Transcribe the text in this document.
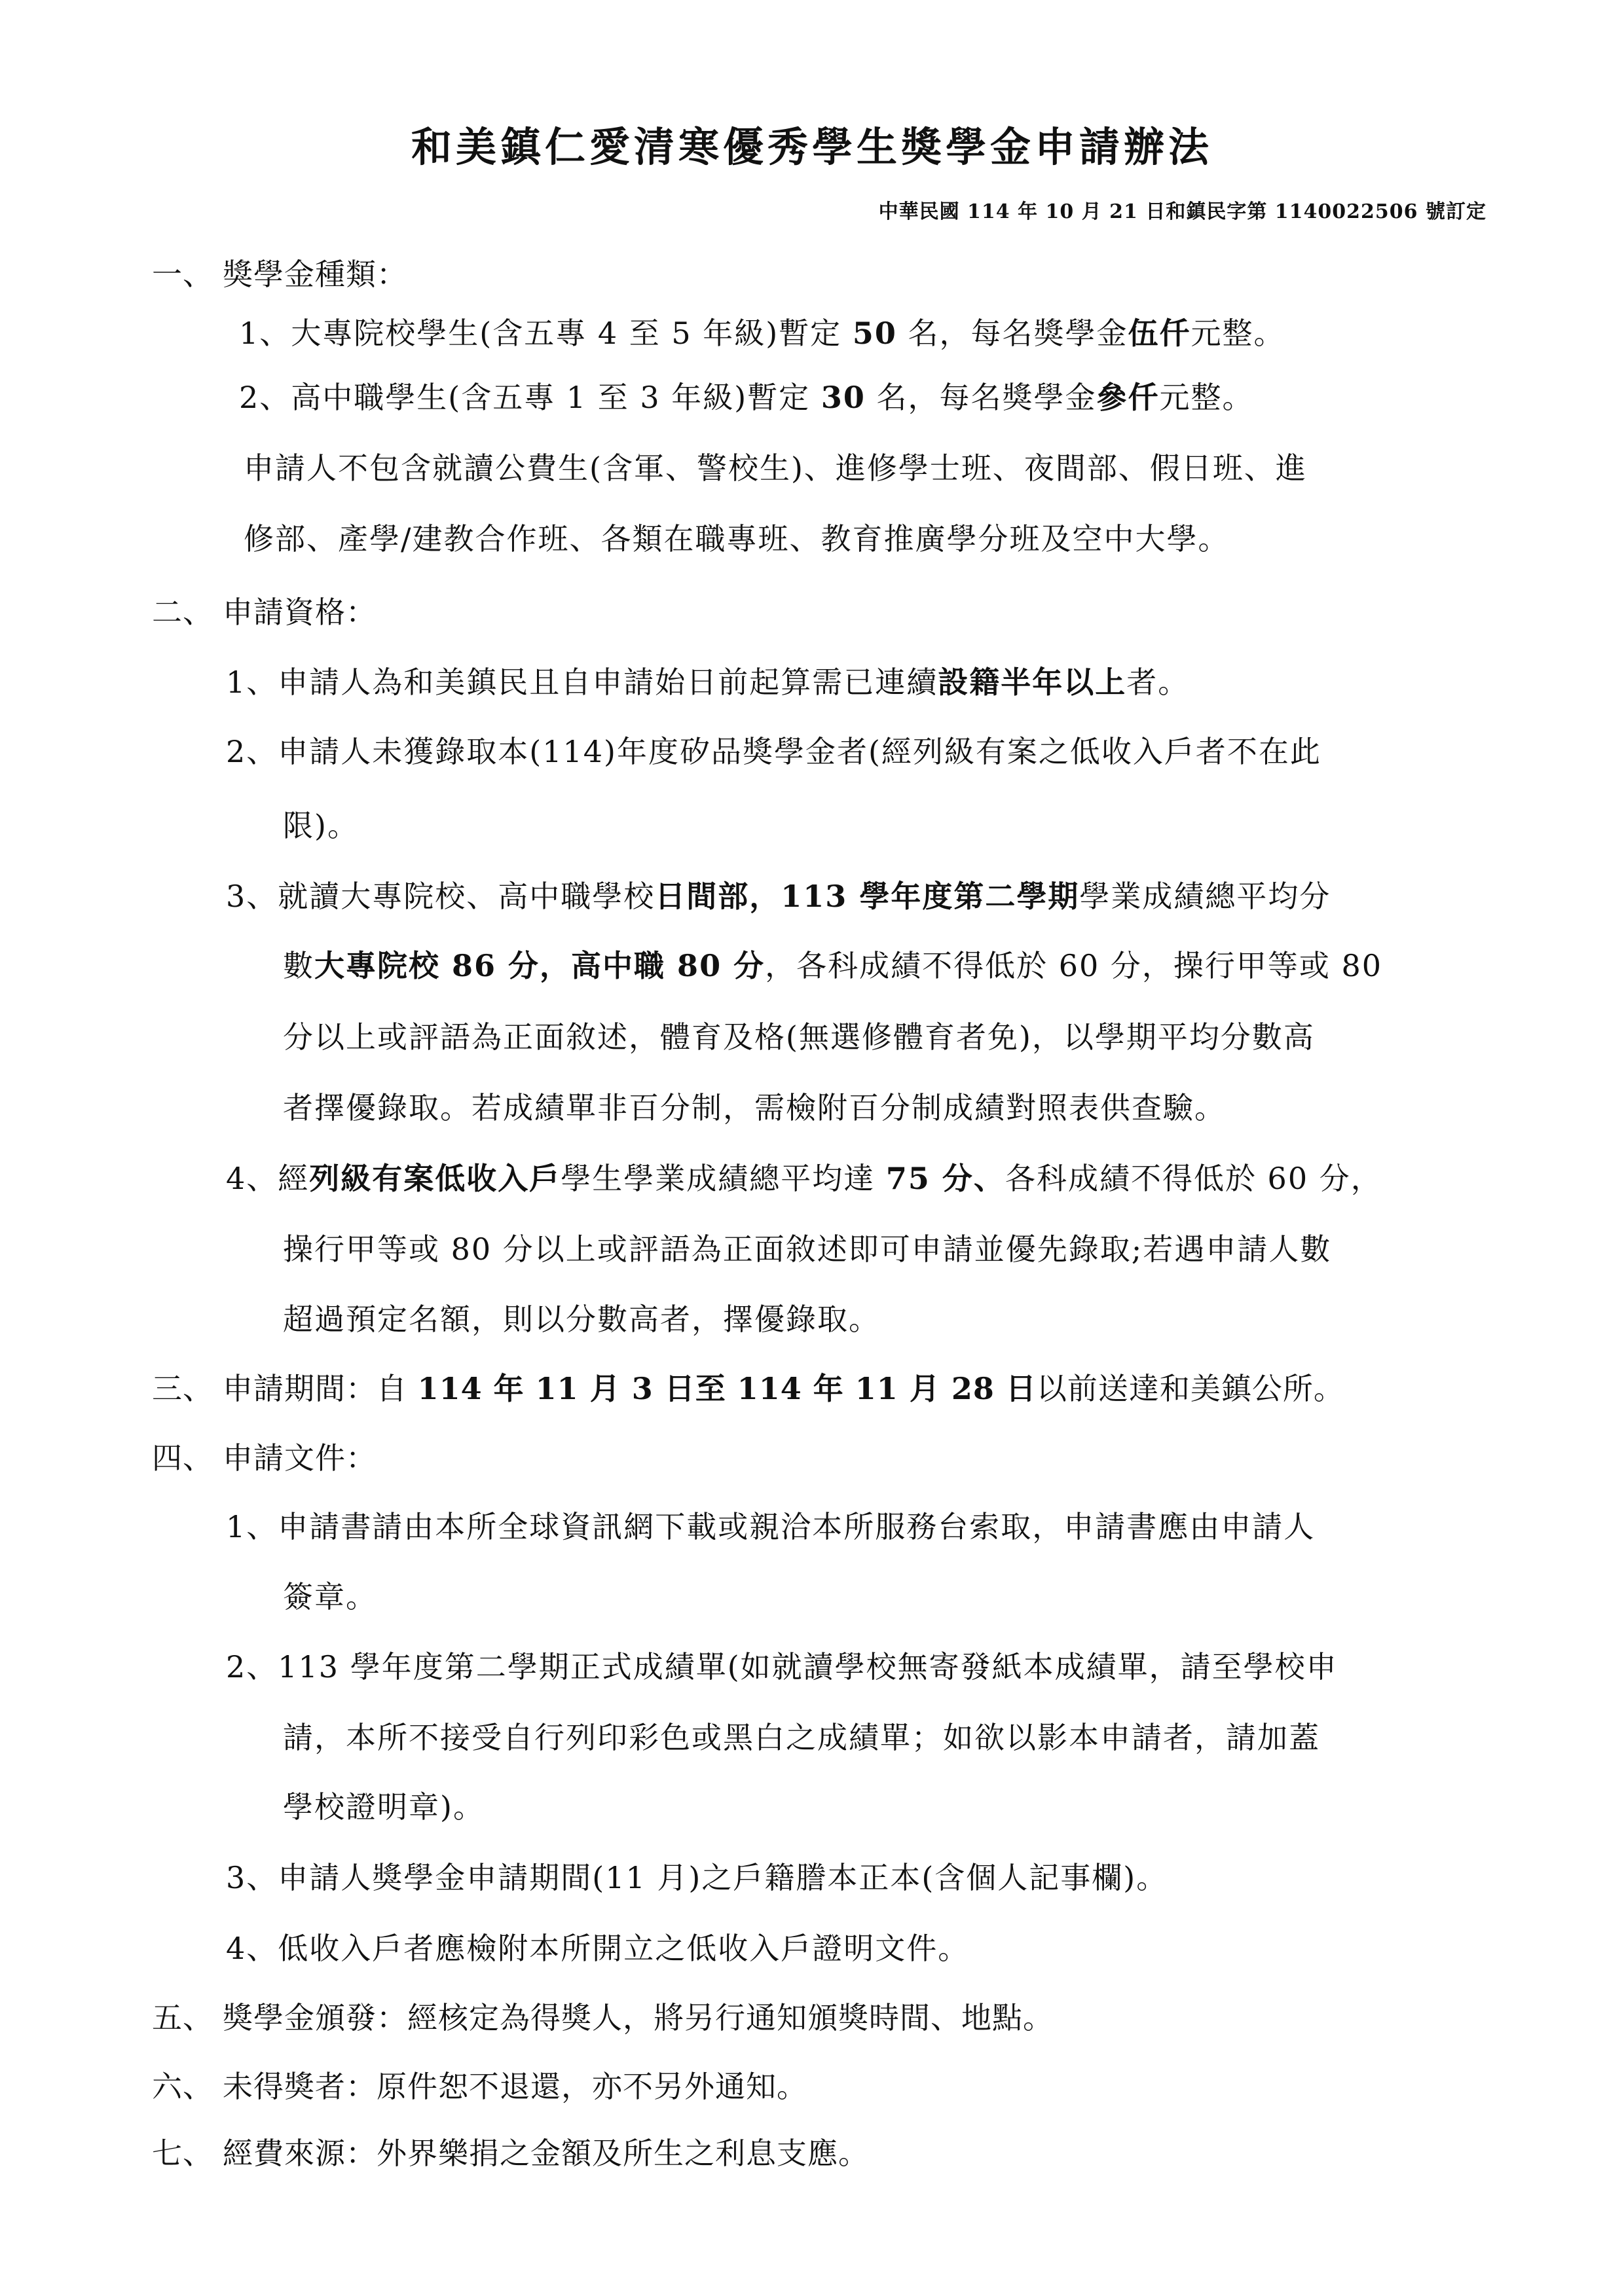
和美鎮仁愛清寒優秀學生獎學金申請辦法
中華民國 114 年 10 月 21 日和鎮民字第 1140022506 號訂定
一、 獎學金種類：
1、大專院校學生(含五專 4 至 5 年級)暫定 50 名，每名獎學金伍仟元整。
2、高中職學生(含五專 1 至 3 年級)暫定 30 名，每名獎學金參仟元整。
申請人不包含就讀公費生(含軍、警校生)、進修學士班、夜間部、假日班、進
修部、產學/建教合作班、各類在職專班、教育推廣學分班及空中大學。
二、 申請資格：
1、申請人為和美鎮民且自申請始日前起算需已連續設籍半年以上者。
2、申請人未獲錄取本(114)年度矽品獎學金者(經列級有案之低收入戶者不在此
限)。
3、就讀大專院校、高中職學校日間部，113 學年度第二學期學業成績總平均分
數大專院校 86 分，高中職 80 分，各科成績不得低於 60 分，操行甲等或 80
分以上或評語為正面敘述，體育及格(無選修體育者免)，以學期平均分數高
者擇優錄取。若成績單非百分制，需檢附百分制成績對照表供查驗。
4、經列級有案低收入戶學生學業成績總平均達 75 分、各科成績不得低於 60 分，
操行甲等或 80 分以上或評語為正面敘述即可申請並優先錄取;若遇申請人數
超過預定名額，則以分數高者，擇優錄取。
三、 申請期間：自 114 年 11 月 3 日至 114 年 11 月 28 日以前送達和美鎮公所。
四、 申請文件：
1、申請書請由本所全球資訊網下載或親洽本所服務台索取，申請書應由申請人
簽章。
2、113 學年度第二學期正式成績單(如就讀學校無寄發紙本成績單，請至學校申
請，本所不接受自行列印彩色或黑白之成績單；如欲以影本申請者，請加蓋
學校證明章)。
3、申請人獎學金申請期間(11 月)之戶籍謄本正本(含個人記事欄)。
4、低收入戶者應檢附本所開立之低收入戶證明文件。
五、 獎學金頒發：經核定為得獎人，將另行通知頒獎時間、地點。
六、 未得獎者：原件恕不退還，亦不另外通知。
七、 經費來源：外界樂捐之金額及所生之利息支應。
